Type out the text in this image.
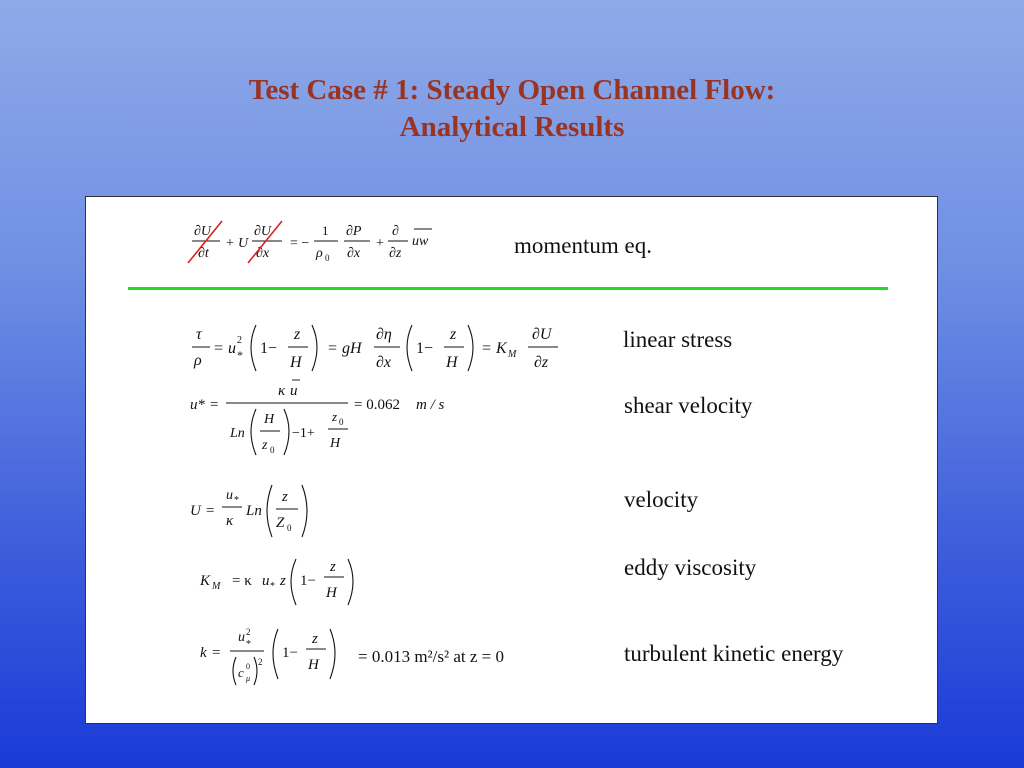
Test Case # 1: Steady Open Channel Flow:
Analytical Results
∂U
∂t
+ U
∂U
∂x
= −
1
ρ 0
∂P
∂x
+
∂
∂z
uw	momentum eq.
τ
ρ
= u 2
* 1−
z
H
= gH
∂η
∂x
1−
z
H
= K M
∂U
∂z
linear stress
u * =
κ u
Ln
H
z 0
−1+
z 0
H
= 0.062 m / s	shear velocity
U =
u *
κ
Ln
z
Z 0
velocity
K M = κ u * z 1−
z
H
eddy viscosity
k =
u 2
*
c 0
μ
2
1−
z
H = 0.013 m²/s² at z = 0	turbulent kinetic energy
